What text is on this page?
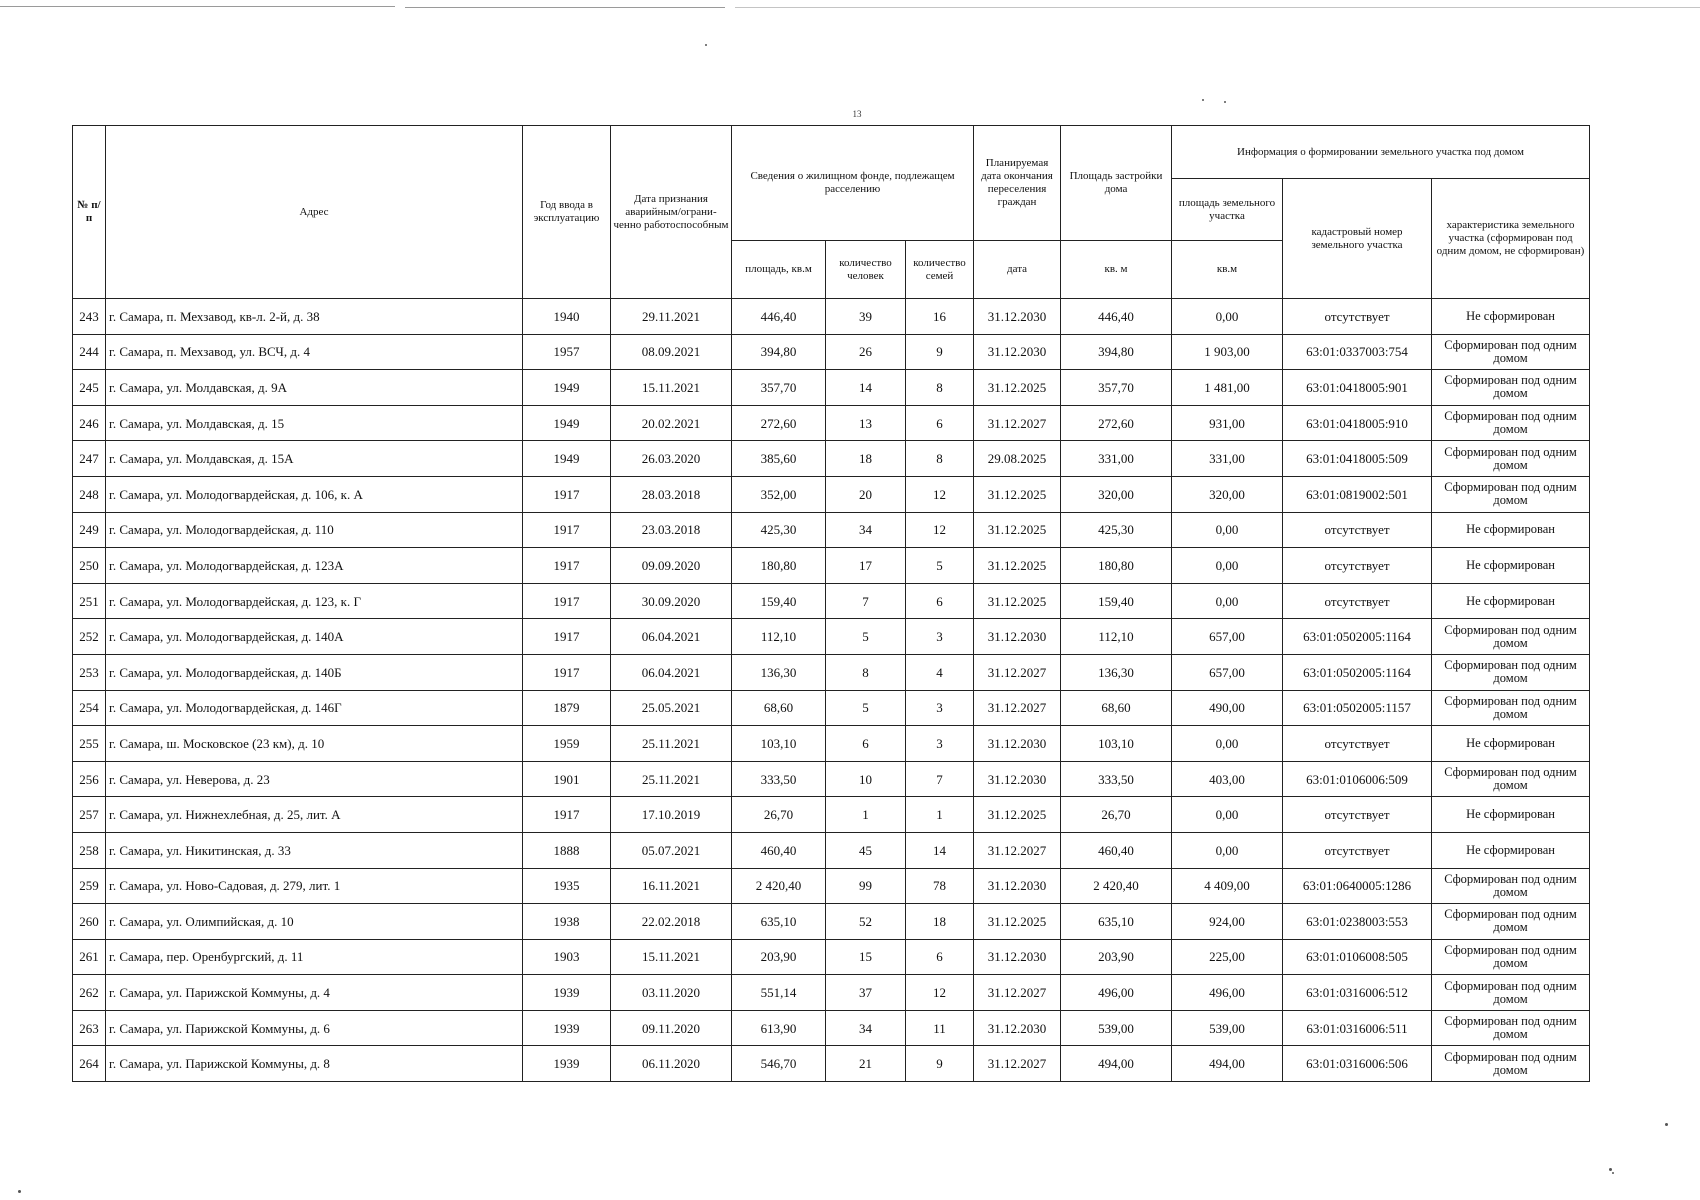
13
№ п/п	Адрес	Год ввода в эксплуатацию	Дата признания аварийным/ограни-ченно работоспособным	Сведения о жилищном фонде, подлежащем расселению			Планируемая дата окончания переселения граждан	Площадь застройки дома	Информация о формировании земельного участка под домом		
									площадь земельного участка	кадастровый номер земельного участка	характеристика земельного участка (сформирован под одним домом, не сформирован)
				площадь, кв.м	количество человек	количество семей	дата	кв. м	кв.м		
243	г. Самара, п. Мехзавод, кв-л. 2-й, д. 38	1940	29.11.2021	446,40	39	16	31.12.2030	446,40	0,00	отсутствует	Не сформирован
244	г. Самара, п. Мехзавод, ул. ВСЧ, д. 4	1957	08.09.2021	394,80	26	9	31.12.2030	394,80	1 903,00	63:01:0337003:754	Сформирован под одним домом
245	г. Самара, ул. Молдавская, д. 9А	1949	15.11.2021	357,70	14	8	31.12.2025	357,70	1 481,00	63:01:0418005:901	Сформирован под одним домом
246	г. Самара, ул. Молдавская, д. 15	1949	20.02.2021	272,60	13	6	31.12.2027	272,60	931,00	63:01:0418005:910	Сформирован под одним домом
247	г. Самара, ул. Молдавская, д. 15А	1949	26.03.2020	385,60	18	8	29.08.2025	331,00	331,00	63:01:0418005:509	Сформирован под одним домом
248	г. Самара, ул. Молодогвардейская, д. 106, к. А	1917	28.03.2018	352,00	20	12	31.12.2025	320,00	320,00	63:01:0819002:501	Сформирован под одним домом
249	г. Самара, ул. Молодогвардейская, д. 110	1917	23.03.2018	425,30	34	12	31.12.2025	425,30	0,00	отсутствует	Не сформирован
250	г. Самара, ул. Молодогвардейская, д. 123А	1917	09.09.2020	180,80	17	5	31.12.2025	180,80	0,00	отсутствует	Не сформирован
251	г. Самара, ул. Молодогвардейская, д. 123, к. Г	1917	30.09.2020	159,40	7	6	31.12.2025	159,40	0,00	отсутствует	Не сформирован
252	г. Самара, ул. Молодогвардейская, д. 140А	1917	06.04.2021	112,10	5	3	31.12.2030	112,10	657,00	63:01:0502005:1164	Сформирован под одним домом
253	г. Самара, ул. Молодогвардейская, д. 140Б	1917	06.04.2021	136,30	8	4	31.12.2027	136,30	657,00	63:01:0502005:1164	Сформирован под одним домом
254	г. Самара, ул. Молодогвардейская, д. 146Г	1879	25.05.2021	68,60	5	3	31.12.2027	68,60	490,00	63:01:0502005:1157	Сформирован под одним домом
255	г. Самара, ш. Московское (23 км), д. 10	1959	25.11.2021	103,10	6	3	31.12.2030	103,10	0,00	отсутствует	Не сформирован
256	г. Самара, ул. Неверова, д. 23	1901	25.11.2021	333,50	10	7	31.12.2030	333,50	403,00	63:01:0106006:509	Сформирован под одним домом
257	г. Самара, ул. Нижнехлебная, д. 25, лит. А	1917	17.10.2019	26,70	1	1	31.12.2025	26,70	0,00	отсутствует	Не сформирован
258	г. Самара, ул. Никитинская, д. 33	1888	05.07.2021	460,40	45	14	31.12.2027	460,40	0,00	отсутствует	Не сформирован
259	г. Самара, ул. Ново-Садовая, д. 279, лит. 1	1935	16.11.2021	2 420,40	99	78	31.12.2030	2 420,40	4 409,00	63:01:0640005:1286	Сформирован под одним домом
260	г. Самара, ул. Олимпийская, д. 10	1938	22.02.2018	635,10	52	18	31.12.2025	635,10	924,00	63:01:0238003:553	Сформирован под одним домом
261	г. Самара, пер. Оренбургский, д. 11	1903	15.11.2021	203,90	15	6	31.12.2030	203,90	225,00	63:01:0106008:505	Сформирован под одним домом
262	г. Самара, ул. Парижской Коммуны, д. 4	1939	03.11.2020	551,14	37	12	31.12.2027	496,00	496,00	63:01:0316006:512	Сформирован под одним домом
263	г. Самара, ул. Парижской Коммуны, д. 6	1939	09.11.2020	613,90	34	11	31.12.2030	539,00	539,00	63:01:0316006:511	Сформирован под одним домом
264	г. Самара, ул. Парижской Коммуны, д. 8	1939	06.11.2020	546,70	21	9	31.12.2027	494,00	494,00	63:01:0316006:506	Сформирован под одним домом
